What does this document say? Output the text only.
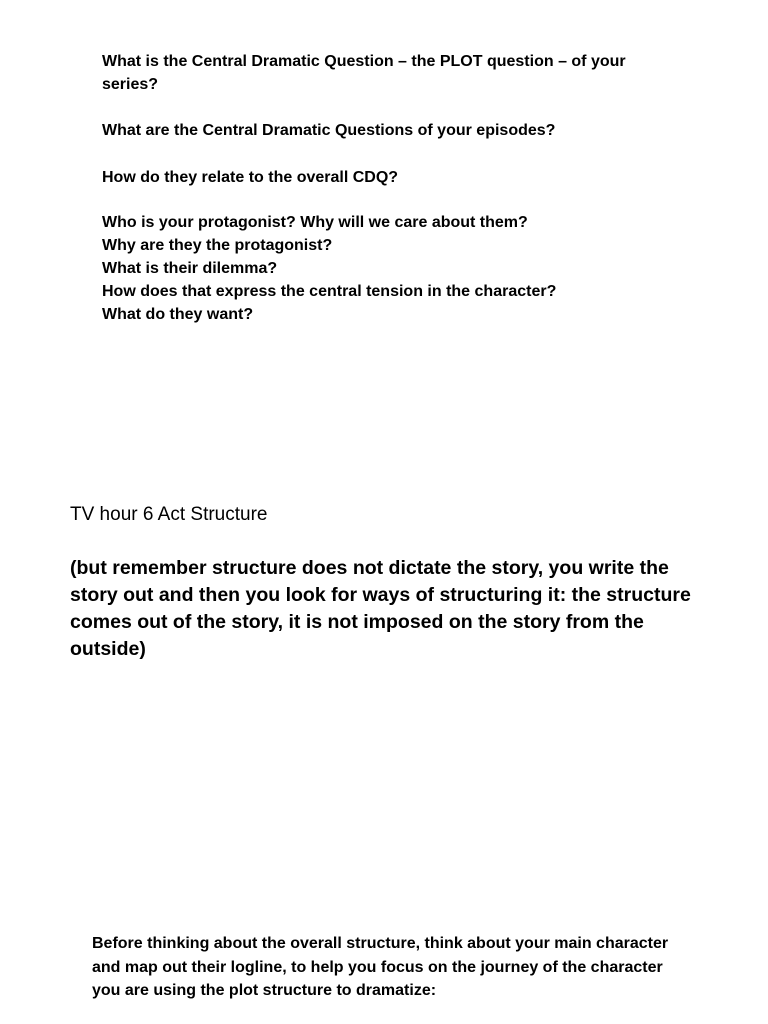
What is the Central Dramatic Question – the PLOT question – of your series?
What are the Central Dramatic Questions of your episodes?
How do they relate to the overall CDQ?
Who is your protagonist? Why will we care about them?
Why are they the protagonist?
What is their dilemma?
How does that express the central tension in the character?
What do they want?

TV hour 6 Act Structure

(but remember structure does not dictate the story, you write the story out and then you look for ways of structuring it: the structure comes out of the story, it is not imposed on the story from the outside)

Before thinking about the overall structure, think about your main character and map out their logline, to help you focus on the journey of the character you are using the plot structure to dramatize:
